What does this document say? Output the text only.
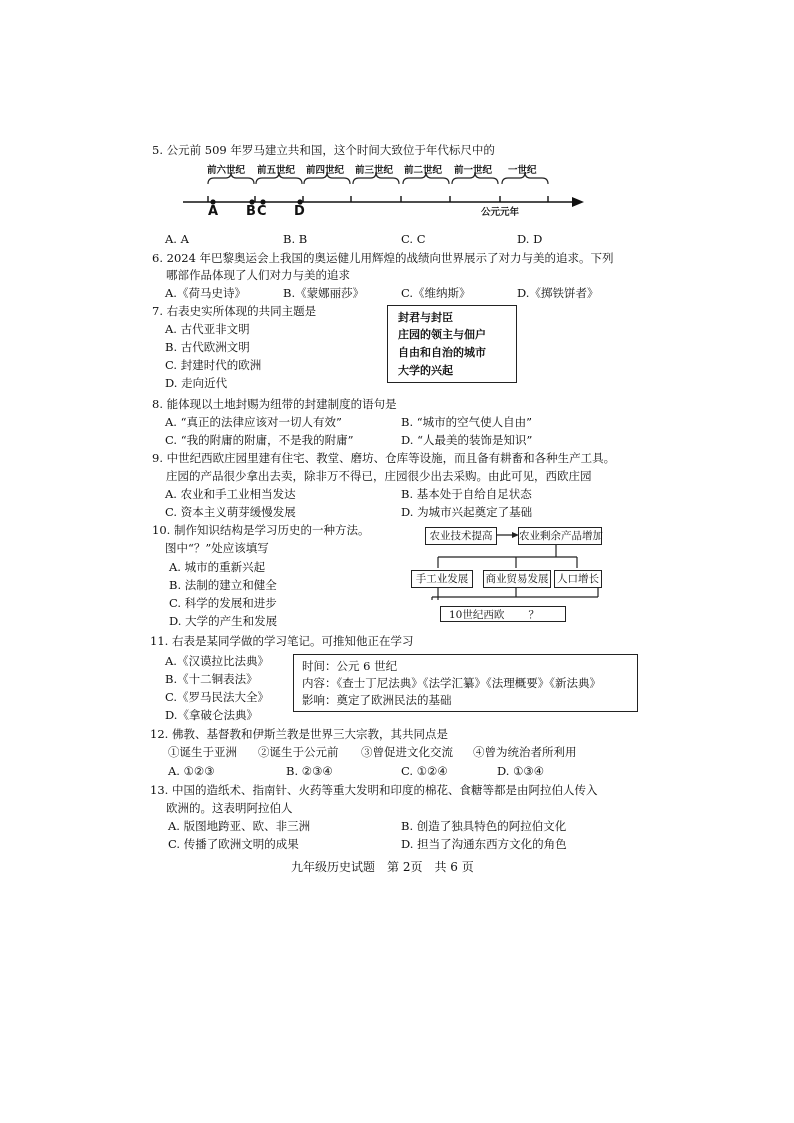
5. 公元前 509 年罗马建立共和国，这个时间大致位于年代标尺中的
前六世纪 前五世纪 前四世纪 前三世纪 前二世纪 前一世纪 一世纪
A B C D	公元元年
A. A	B. B	C. C	D. D
6. 2024 年巴黎奥运会上我国的奥运健儿用辉煌的战绩向世界展示了对力与美的追求。下列
哪部作品体现了人们对力与美的追求
A.《荷马史诗》	B.《蒙娜丽莎》	C.《维纳斯》	D.《掷铁饼者》
7. 右表史实所体现的共同主题是
A. 古代亚非文明
B. 古代欧洲文明
C. 封建时代的欧洲
D. 走向近代
封君与封臣
庄园的领主与佃户
自由和自治的城市
大学的兴起
8. 能体现以土地封赐为纽带的封建制度的语句是
A. “真正的法律应该对一切人有效”	B. “城市的空气使人自由”
C. “我的附庸的附庸，不是我的附庸”	D. “人最美的装饰是知识”
9. 中世纪西欧庄园里建有住宅、教堂、磨坊、仓库等设施，而且备有耕畜和各种生产工具。
庄园的产品很少拿出去卖，除非万不得已，庄园很少出去采购。由此可见，西欧庄园
A. 农业和手工业相当发达	B. 基本处于自给自足状态
C. 资本主义萌芽缓慢发展	D. 为城市兴起奠定了基础
10. 制作知识结构是学习历史的一种方法。
图中“？”处应该填写
A. 城市的重新兴起
B. 法制的建立和健全
C. 科学的发展和进步
D. 大学的产生和发展
农业技术提高	农业剩余产品增加
手工业发展	商业贸易发展 人口增长
10世纪西欧 ？
11. 右表是某同学做的学习笔记。可推知他正在学习
A.《汉谟拉比法典》
B.《十二铜表法》
C.《罗马民法大全》
D.《拿破仑法典》
时间：公元 6 世纪
内容：《查士丁尼法典》《法学汇纂》《法理概要》《新法典》
影响：奠定了欧洲民法的基础
12. 佛教、基督教和伊斯兰教是世界三大宗教，其共同点是
①诞生于亚洲 ②诞生于公元前 ③曾促进文化交流 ④曾为统治者所利用
A. ①②③	B. ②③④	C. ①②④	D. ①③④
13. 中国的造纸术、指南针、火药等重大发明和印度的棉花、食糖等都是由阿拉伯人传入
欧洲的。这表明阿拉伯人
A. 版图地跨亚、欧、非三洲	B. 创造了独具特色的阿拉伯文化
C. 传播了欧洲文明的成果	D. 担当了沟通东西方文化的角色
九年级历史试题　第 2页　共 6 页
